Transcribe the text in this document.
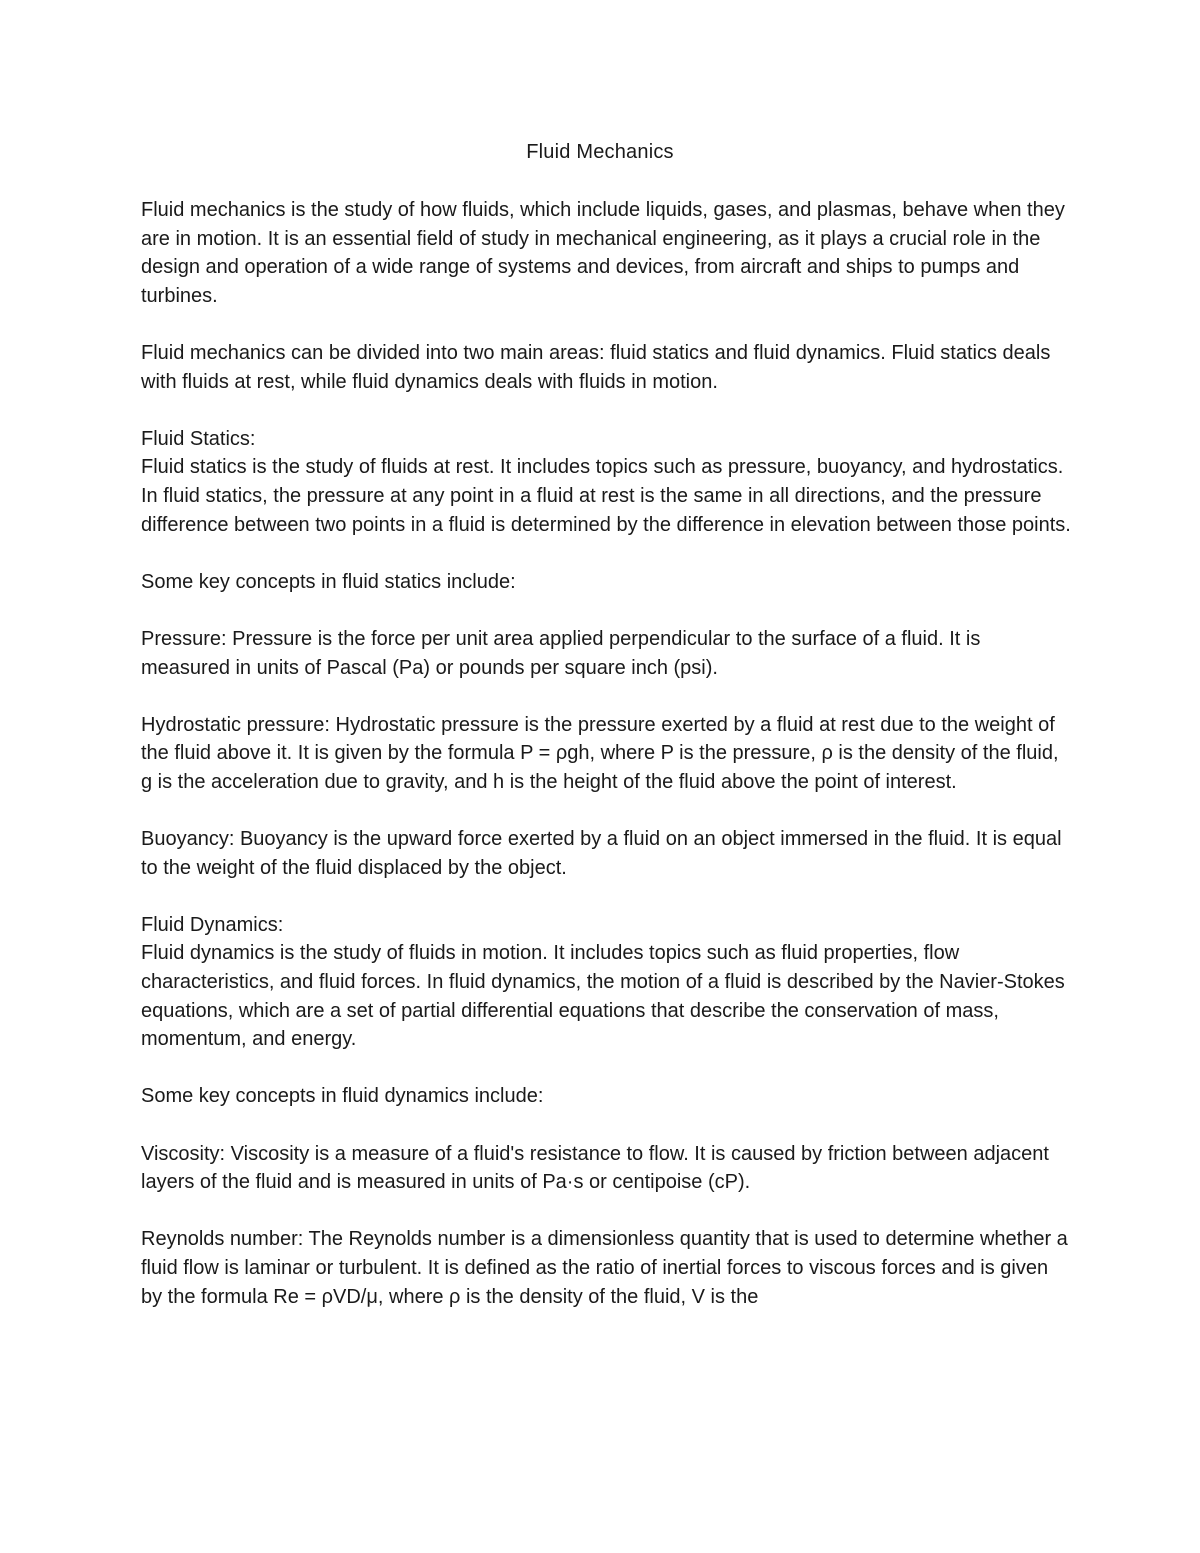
Fluid Mechanics

Fluid mechanics is the study of how fluids, which include liquids, gases, and plasmas, behave when they are in motion. It is an essential field of study in mechanical engineering, as it plays a crucial role in the design and operation of a wide range of systems and devices, from aircraft and ships to pumps and turbines.

Fluid mechanics can be divided into two main areas: fluid statics and fluid dynamics. Fluid statics deals with fluids at rest, while fluid dynamics deals with fluids in motion.

Fluid Statics:

Fluid statics is the study of fluids at rest. It includes topics such as pressure, buoyancy, and hydrostatics. In fluid statics, the pressure at any point in a fluid at rest is the same in all directions, and the pressure difference between two points in a fluid is determined by the difference in elevation between those points.

Some key concepts in fluid statics include:

Pressure: Pressure is the force per unit area applied perpendicular to the surface of a fluid. It is measured in units of Pascal (Pa) or pounds per square inch (psi).

Hydrostatic pressure: Hydrostatic pressure is the pressure exerted by a fluid at rest due to the weight of the fluid above it. It is given by the formula P = ρgh, where P is the pressure, ρ is the density of the fluid, g is the acceleration due to gravity, and h is the height of the fluid above the point of interest.

Buoyancy: Buoyancy is the upward force exerted by a fluid on an object immersed in the fluid. It is equal to the weight of the fluid displaced by the object.

Fluid Dynamics:

Fluid dynamics is the study of fluids in motion. It includes topics such as fluid properties, flow characteristics, and fluid forces. In fluid dynamics, the motion of a fluid is described by the Navier-Stokes equations, which are a set of partial differential equations that describe the conservation of mass, momentum, and energy.

Some key concepts in fluid dynamics include:

Viscosity: Viscosity is a measure of a fluid's resistance to flow. It is caused by friction between adjacent layers of the fluid and is measured in units of Pa·s or centipoise (cP).

Reynolds number: The Reynolds number is a dimensionless quantity that is used to determine whether a fluid flow is laminar or turbulent. It is defined as the ratio of inertial forces to viscous forces and is given by the formula Re = ρVD/μ, where ρ is the density of the fluid, V is the
